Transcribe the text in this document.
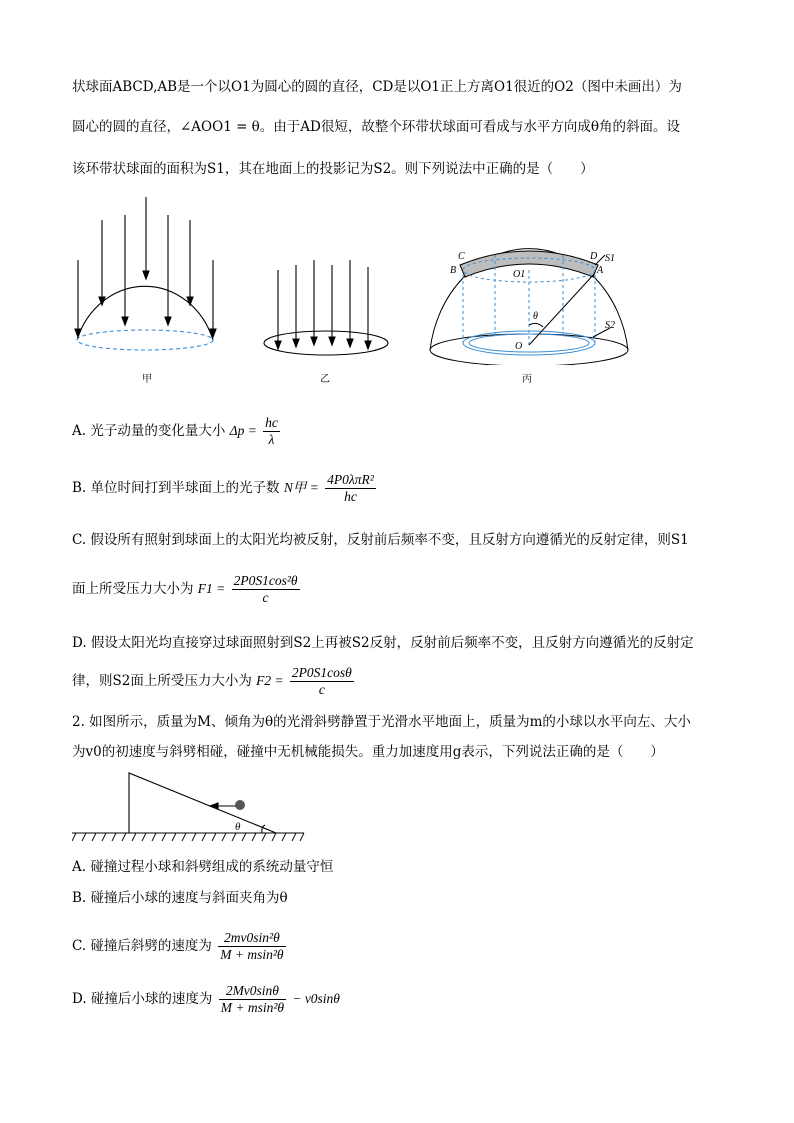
状球面ABCD,AB是一个以O1为圆心的圆的直径，CD是以O1正上方离O1很近的O2（图中未画出）为
圆心的圆的直径，∠AOO1 = θ。由于AD很短，故整个环带状球面可看成与水平方向成θ角的斜面。设
该环带状球面的面积为S1，其在地面上的投影记为S2。则下列说法中正确的是（　　）
甲	乙
C	D
B	A
S1
O1
θ
S2
O
丙
A. 光子动量的变化量大小 $\Delta p = \frac{hc}{\lambda}$
B. 单位时间打到半球面上的光子数 N甲 = $\frac{\text{4P0λπR²}}{hc}$
C. 假设所有照射到球面上的太阳光均被反射，反射前后频率不变，且反射方向遵循光的反射定律，则S1
面上所受压力大小为 $F1 = \frac{\text{2P0S1cos²θ}}{c}$
D. 假设太阳光均直接穿过球面照射到S2上再被S2反射，反射前后频率不变，且反射方向遵循光的反射定
律，则S2面上所受压力大小为 $F2 = \frac{2P0S1\cos\theta}{c}$
2. 如图所示，质量为M、倾角为θ的光滑斜劈静置于光滑水平地面上，质量为m的小球以水平向左、大小
为v0的初速度与斜劈相碰，碰撞中无机械能损失。重力加速度用g表示，下列说法正确的是（　　）
θ
A. 碰撞过程小球和斜劈组成的系统动量守恒
B. 碰撞后小球的速度与斜面夹角为θ
C. 碰撞后斜劈的速度为 $\frac{\text{2mv0sin²θ}}{\text{M + msin²θ}}$
D. 碰撞后小球的速度为 $\frac{2Mv0\sin\theta}{\text{M + msin²θ}} - v0\sin\theta$
